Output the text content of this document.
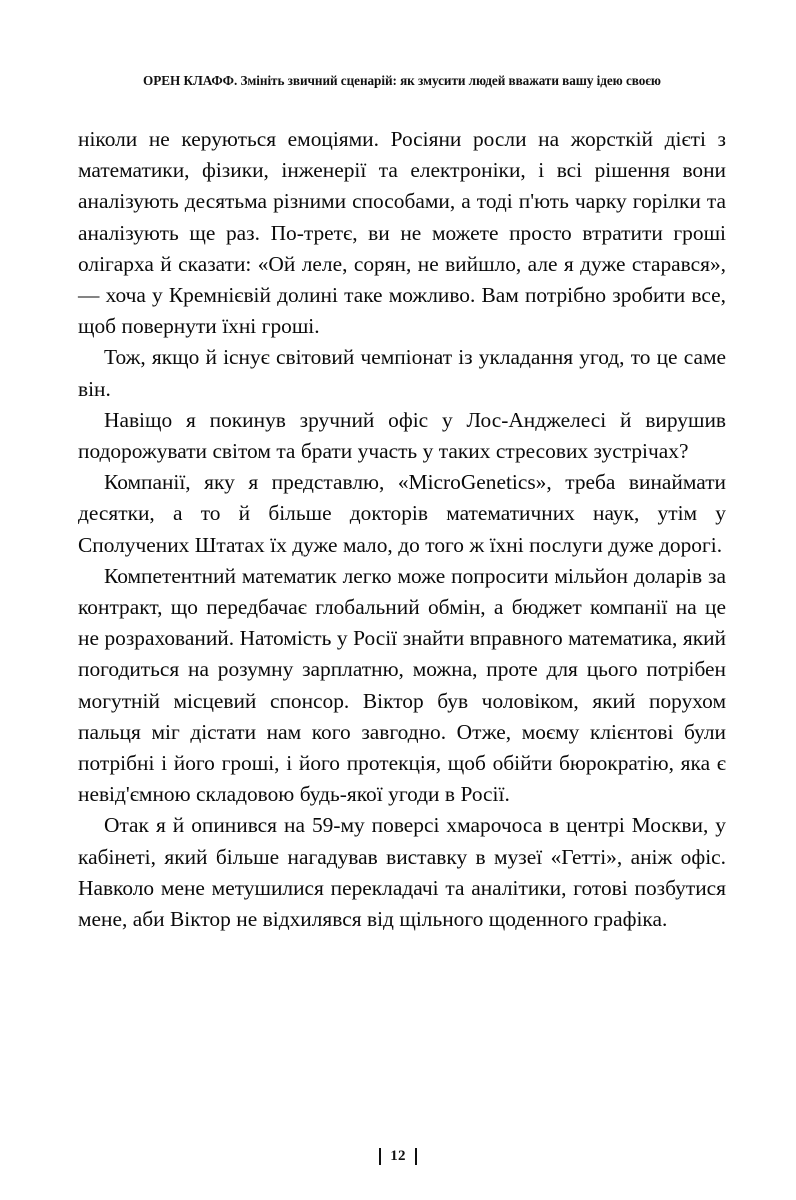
ОРЕН КЛАФФ. Змініть звичний сценарій: як змусити людей вважати вашу ідею своєю

ніколи не керуються емоціями. Росіяни росли на жорсткій дієті з математики, фізики, інженерії та електроніки, і всі рішення вони аналізують десятьма різними способами, а тоді п'ють чарку горілки та аналізують ще раз. По-третє, ви не можете просто втратити гроші олігарха й сказати: «Ой леле, сорян, не вийшло, але я дуже старався», — хоча у Кремнієвій долині таке можливо. Вам потрібно зробити все, щоб повернути їхні гроші.

Тож, якщо й існує світовий чемпіонат із укладання угод, то це саме він.

Навіщо я покинув зручний офіс у Лос-Анджелесі й вирушив подорожувати світом та брати участь у таких стресових зустрічах?

Компанії, яку я представлю, «MicroGenetics», треба винаймати десятки, а то й більше докторів математичних наук, утім у Сполучених Штатах їх дуже мало, до того ж їхні послуги дуже дорогі.

Компетентний математик легко може попросити мільйон доларів за контракт, що передбачає глобальний обмін, а бюджет компанії на це не розрахований. Натомість у Росії знайти вправного математика, який погодиться на розумну зарплатню, можна, проте для цього потрібен могутній місцевий спонсор. Віктор був чоловіком, який порухом пальця міг дістати нам кого завгодно. Отже, моєму клієнтові були потрібні і його гроші, і його протекція, щоб обійти бюрократію, яка є невід'ємною складовою будь-якої угоди в Росії.

Отак я й опинився на 59-му поверсі хмарочоса в центрі Москви, у кабінеті, який більше нагадував виставку в музеї «Гетті», аніж офіс. Навколо мене метушилися перекладачі та аналітики, готові позбутися мене, аби Віктор не відхилявся від щільного щоденного графіка.

12
